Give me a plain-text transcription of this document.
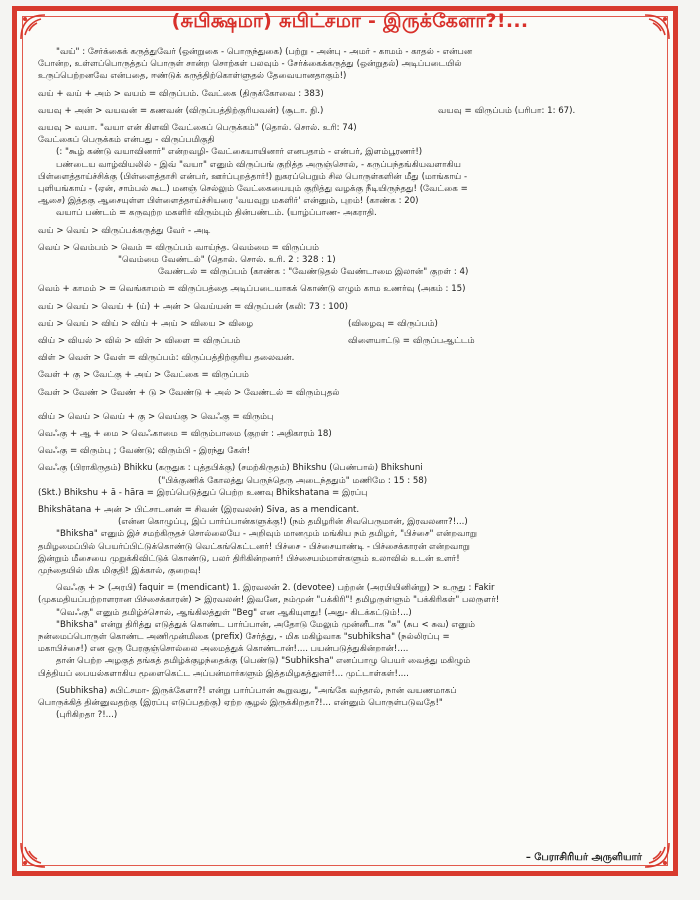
(சுபிக்ஷமா) சுபிட்சமா - இருக்கேளா?!...
"வய்" : சேர்க்கைக் கருத்துவேர் (ஒன்றுகை - பொருந்துகை) (பற்று - அன்பு - அமர் - காமம் - காதல் - என்பன
போன்ற, உள்ளப்பொருத்தப் பொருள் சான்ற சொற்கள் பலவும் - சேர்க்கைக்கருத்து (ஒன்றுதல்) அடிப்படையில்
உருப்பெற்றனவே என்பதை, ஈண்டுக் கருத்திற்கொள்ளுதல் தேவையானதாகும்!)
வய் + வய் + அம் > வயம் = விருப்பம். வேட்கை (திருக்கோவை : 383)
வயவு + அன் > வயவன் = கணவன் (விருப்பத்திற்குரியவன்) (சூடா. நி.)	வயவு = விருப்பம் (பரிபா: 1: 67).
வயவு > வயா. "வயா என் கிளவி வேட்கைப் பெருக்கம்" (தொல். சொல். உரி: 74)
வேட்கைப் பெருக்கம் என்பது - விருப்பமிகுதி
(: "கூழ் கண்டு வயாவினார்" என்றவழி- வேட்கையாயினார் எனபதாம் - என்பர், இளம்பூரணர்!)
பண்டைய வாழ்வியலில் - இவ் "வயா" எனும் விருப்பங் குறித்த அருஞ்சொல், - கருப்பந்தங்கியவளாகிய
பிள்ளைத்தாய்ச்சிக்கு (பிள்ளைத்தாசி என்பர், ஊர்ப்புறத்தார்!) நுகரப்பெறும் சில பொருள்களின் மீது (மாங்காய் -
புளியங்காய் - (ஏன், சாம்பல் கூட) மனஞ் செல்லும் வேட்கையையும் குறித்து வழக்கு நீடியிருந்தது! (வேட்கை =
ஆசை) இத்தகு ஆசையுள்ள பிள்ளைத்தாய்ச்சியரை 'வயவுறு மகளிர்' என்னும், புறம்! (காண்க : 20)
வயாப் பண்டம் = கருவுற்ற மகளிர் விரும்பும் தின்பண்டம். (யாழ்ப்பாண- அகராதி.
வய் > வெய் > விருப்பக்கருத்து வேர் - அடி
வெய் > வெம்பம் > வெம் = விருப்பம் வாய்ந்த. வெம்மை = விருப்பம்
"வெம்மை வேண்டல்" (தொல். சொல். உரி. 2 : 328 : 1)
வேண்டல் = விருப்பம் (காண்க : "வேண்டுதல் வேண்டாமை இலான்" குறள் : 4)
வெம் + காமம் > = வெங்காமம் = விருப்பத்தை அடிப்படையாகக் கொண்டு எழும் காம உணர்வு (அகம் : 15)
வய் > வெய் > வெய் + (ய்) + அன் > வெய்யன் = விருப்பன் (கலி: 73 : 100)
வய் > வெய் > விய் > விய் + அய் > வியை > விழை	(விழைவு = விருப்பம்)
விய் > வியல் > வில் > விள் > விளை = விருப்பம்	விளையாட்டு = விருப்பஆட்டம்
விள் > வெள் > வேள் = விருப்பம்: விருப்பத்திற்குரிய தலைவன்.
வேள் + கு > வேட்கு + அய் > வேட்கை = விருப்பம்
வேள் > வேண் > வேண் + டு > வேண்டு + அல் > வேண்டல் = விரும்புதல்
விய் > வெய் > வெய் + கு > வெய்கு > வெஃகு = விரும்பு
வெஃகு + ஆ + மை > வெஃகாமை = விரும்பாமை (குறள் : அதிகாரம் 18)
வெஃகு = விரும்பு ; வேண்டு; விரும்பி - இரந்து கேள்!
வெஃகு (பிராகிருதம்) Bhikku (கருதுக : புத்தபிக்கு) (சமற்கிருதம்) Bhikshu (பெண்பால்) Bhikshuni
("பிக்குணிக் கோலத்து பெருந்தெரு அடைந்ததும்" மணிமே : 15 : 58)
(Skt.) Bhikshu + ā - hāra = இரப்பெடுத்துப் பெற்ற உணவு Bhikshatana = இரப்பு
Bhikshātana + அன் > பிட்சாடனன் = சிவன் (இரவலன்) Siva, as a mendicant.
(என்ன கொழுப்பு, இப் பார்ப்பான்களுக்கு!) (நம் தமிழரின் சிவபெருமான், இரவலனா?!...)
"Bhiksha" எனும் இச் சமற்கிருதச் சொல்லையே - அறிவும் மானமும் மங்கிய நம் தமிழர், "பிச்சை" என்றவாறு
தமிழமைப்பில் பெயர்ப்பிட்டுக்கொண்டு வெட்கங்கெட்டனர்! பிச்சை - பிச்சையாண்டி - பிச்சைக்காரன் என்றவாறு
இன்றும் மீசையை முறுக்கிவிட்டுக் கொண்டு, பலர் திரிகின்றனர்! பிச்சையம்மாள்களும் உலாவில் உடன் உளர்!
முந்தையில் மிக மிகுதி! இக்கால், குறைவு!
வெஃகு + > (அரபி) faquir = (mendicant) 1. இரவலன் 2. (devotee) பற்றன் (அரபியினின்று) > உருது : Fakir
(முகமதியப்பற்றாளரான பிச்சைக்காரன்) > இரவலன்! இவனே, நம்முன் "பக்கிரி"! தமிழருள்ளும் "பக்கிரிகள்" பலருளர்!
"வெஃகு" எனும் தமிழ்ச்சொல், ஆங்கிலத்துள் "Beg" என ஆகியுளது! (அது- கிடக்கட்டும்!...)
"Bhiksha" என்று திரித்து எடுத்துக் கொண்ட பார்ப்பான், அதோடு மேலும் முன்னீடாக "சு" (சுப < சுவ) எனும்
நன்மைப்பொருள் கொண்ட அணிமுன்மிகை (prefix) சேர்த்து, - மிக மகிழ்வாக "subhiksha" (நல்லிரப்பு =
மகாபிச்சை!) என ஒரு பேரகுஞ்சொல்லை அமைத்துக் கொண்டான்!.... பயன்படுத்துகின்றான்!....
தான் பெற்ற அழகுத் தங்கத் தமிழ்க்குழந்தைக்கு (பெண்டு) "Subhiksha" எனப்பாழு பெயர் வைத்து மகிழும்
பித்தியப் பையல்களாகிய மூளைகெட்ட அப்பன்மார்களும் இத்தமிழகத்துளர்!... முட்டாள்கள்!....
(Subhiksha) சுபிட்சமா- இருக்கேளா?! என்று பார்ப்பான் கூறுவது, "அங்கே வந்தால், நான் வயணமாகப்
பொருக்கித் தின்னுவதற்கு (இரப்பு எடுப்பதற்கு) ஏற்ற சூழல் இருக்கிறதா?!... என்னும் பொருள்படுவதே!"
(புரிகிறதா ?!...)
– பேராசிரியர் அருளியார்
